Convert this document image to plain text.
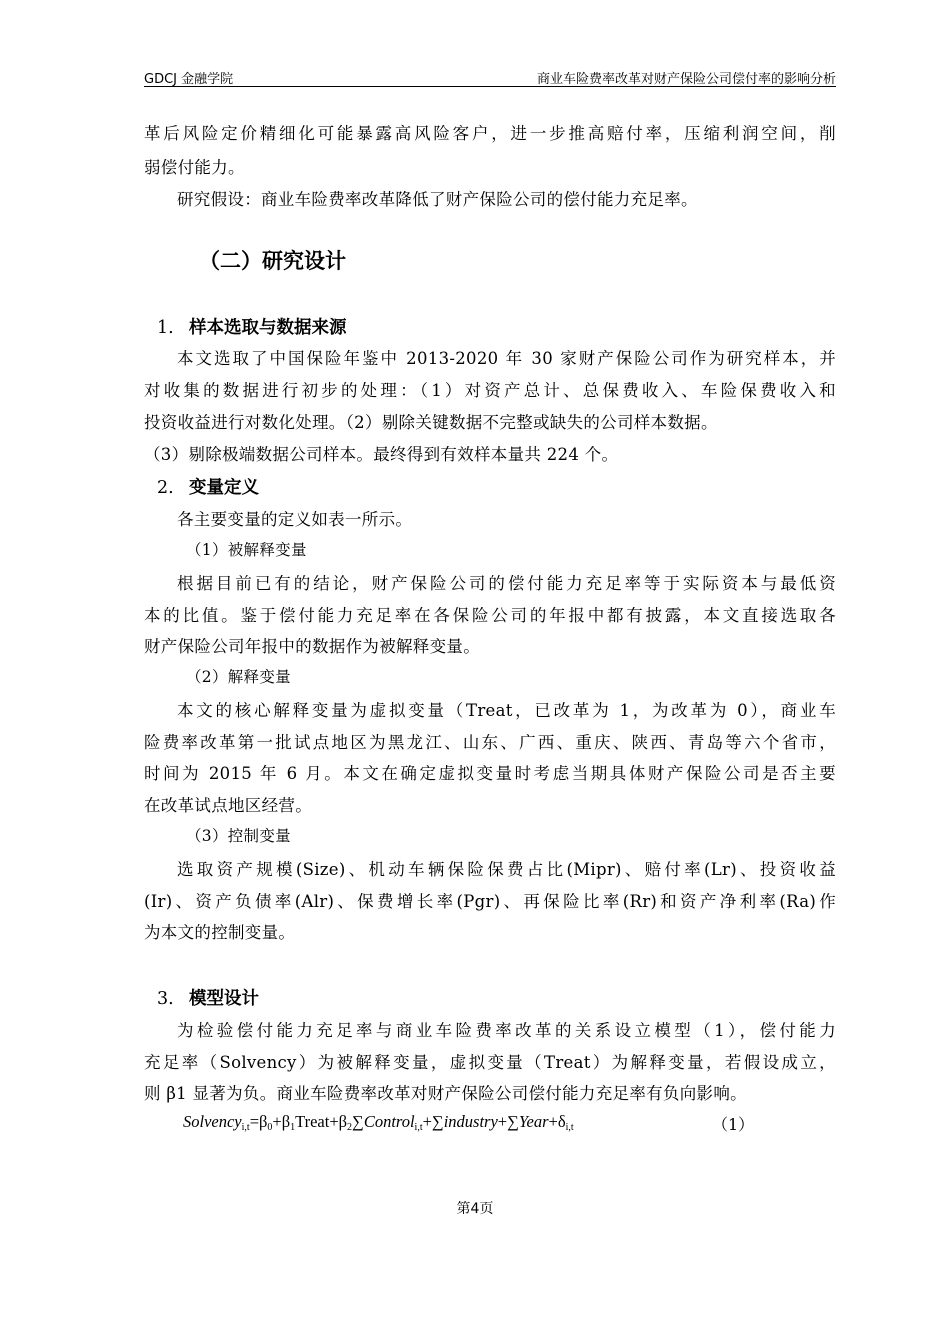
GDCJ 金融学院	商业车险费率改革对财产保险公司偿付率的影响分析
革后风险定价精细化可能暴露高风险客户，进一步推高赔付率，压缩利润空间，削
弱偿付能力。
研究假设：商业车险费率改革降低了财产保险公司的偿付能力充足率。
（二）研究设计
1. 样本选取与数据来源
本文选取了中国保险年鉴中 2013-2020 年 30 家财产保险公司作为研究样本，并
对收集的数据进行初步的处理：（1）对资产总计、总保费收入、车险保费收入和
投资收益进行对数化处理。（2）剔除关键数据不完整或缺失的公司样本数据。
（3）剔除极端数据公司样本。最终得到有效样本量共 224 个。
2. 变量定义
各主要变量的定义如表一所示。
（1）被解释变量
根据目前已有的结论，财产保险公司的偿付能力充足率等于实际资本与最低资
本的比值。鉴于偿付能力充足率在各保险公司的年报中都有披露，本文直接选取各
财产保险公司年报中的数据作为被解释变量。
（2）解释变量
本文的核心解释变量为虚拟变量（Treat，已改革为 1，为改革为 0），商业车
险费率改革第一批试点地区为黑龙江、山东、广西、重庆、陕西、青岛等六个省市，
时间为 2015 年 6 月。本文在确定虚拟变量时考虑当期具体财产保险公司是否主要
在改革试点地区经营。
（3）控制变量
选取资产规模(Size)、机动车辆保险保费占比(Mipr)、赔付率(Lr)、投资收益
(Ir)、资产负债率(Alr)、保费增长率(Pgr)、再保险比率(Rr)和资产净利率(Ra)作
为本文的控制变量。
3. 模型设计
为检验偿付能力充足率与商业车险费率改革的关系设立模型（1），偿付能力
充足率（Solvency）为被解释变量，虚拟变量（Treat）为解释变量，若假设成立，
则 β1 显著为负。商业车险费率改革对财产保险公司偿付能力充足率有负向影响。
$Solvency_{i,t}=\beta_0+\beta_1Treat+\beta_2\sum Control_{i,t}+\sum industry+\sum Year+\delta_{i,t}$	（1）
第4页
